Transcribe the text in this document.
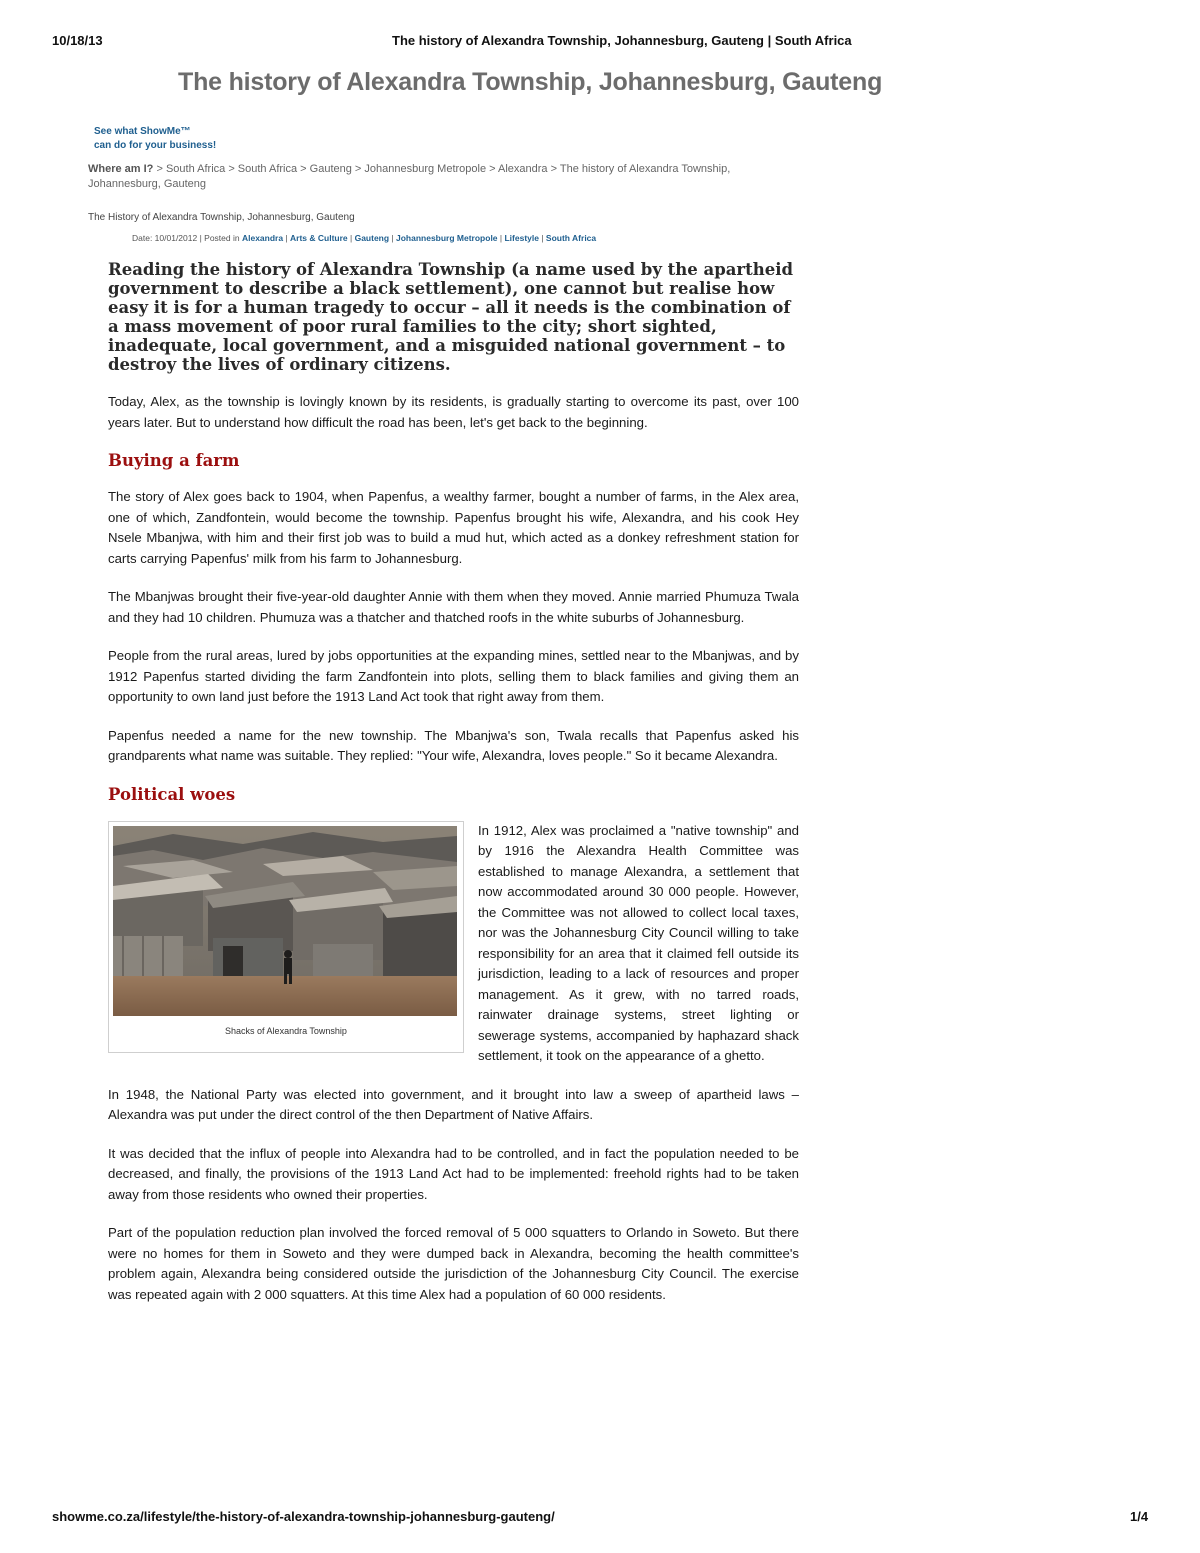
10/18/13	The history of Alexandra Township, Johannesburg, Gauteng | South Africa
The history of Alexandra Township, Johannesburg, Gauteng
See what ShowMe™
can do for your business!
Where am I? > South Africa > South Africa > Gauteng > Johannesburg Metropole > Alexandra > The history of Alexandra Township, Johannesburg, Gauteng
The History of Alexandra Township, Johannesburg, Gauteng
Date: 10/01/2012 | Posted in Alexandra | Arts & Culture | Gauteng | Johannesburg Metropole | Lifestyle | South Africa

Reading the history of Alexandra Township (a name used by the apartheid government to describe a black settlement), one cannot but realise how easy it is for a human tragedy to occur – all it needs is the combination of a mass movement of poor rural families to the city; short sighted, inadequate, local government, and a misguided national government – to destroy the lives of ordinary citizens.

Today, Alex, as the township is lovingly known by its residents, is gradually starting to overcome its past, over 100 years later. But to understand how difficult the road has been, let's get back to the beginning.

Buying a farm

The story of Alex goes back to 1904, when Papenfus, a wealthy farmer, bought a number of farms, in the Alex area, one of which, Zandfontein, would become the township. Papenfus brought his wife, Alexandra, and his cook Hey Nsele Mbanjwa, with him and their first job was to build a mud hut, which acted as a donkey refreshment station for carts carrying Papenfus' milk from his farm to Johannesburg.

The Mbanjwas brought their five-year-old daughter Annie with them when they moved. Annie married Phumuza Twala and they had 10 children. Phumuza was a thatcher and thatched roofs in the white suburbs of Johannesburg.

People from the rural areas, lured by jobs opportunities at the expanding mines, settled near to the Mbanjwas, and by 1912 Papenfus started dividing the farm Zandfontein into plots, selling them to black families and giving them an opportunity to own land just before the 1913 Land Act took that right away from them.

Papenfus needed a name for the new township. The Mbanjwa's son, Twala recalls that Papenfus asked his grandparents what name was suitable. They replied: "Your wife, Alexandra, loves people." So it became Alexandra.

Political woes
Shacks of Alexandra Township

In 1912, Alex was proclaimed a "native township" and by 1916 the Alexandra Health Committee was established to manage Alexandra, a settlement that now accommodated around 30 000 people. However, the Committee was not allowed to collect local taxes, nor was the Johannesburg City Council willing to take responsibility for an area that it claimed fell outside its jurisdiction, leading to a lack of resources and proper management. As it grew, with no tarred roads, rainwater drainage systems, street lighting or sewerage systems, accompanied by haphazard shack settlement, it took on the appearance of a ghetto.

In 1948, the National Party was elected into government, and it brought into law a sweep of apartheid laws – Alexandra was put under the direct control of the then Department of Native Affairs.

It was decided that the influx of people into Alexandra had to be controlled, and in fact the population needed to be decreased, and finally, the provisions of the 1913 Land Act had to be implemented: freehold rights had to be taken away from those residents who owned their properties.

Part of the population reduction plan involved the forced removal of 5 000 squatters to Orlando in Soweto. But there were no homes for them in Soweto and they were dumped back in Alexandra, becoming the health committee's problem again, Alexandra being considered outside the jurisdiction of the Johannesburg City Council. The exercise was repeated again with 2 000 squatters. At this time Alex had a population of 60 000 residents.

showme.co.za/lifestyle/the-history-of-alexandra-township-johannesburg-gauteng/	1/4
